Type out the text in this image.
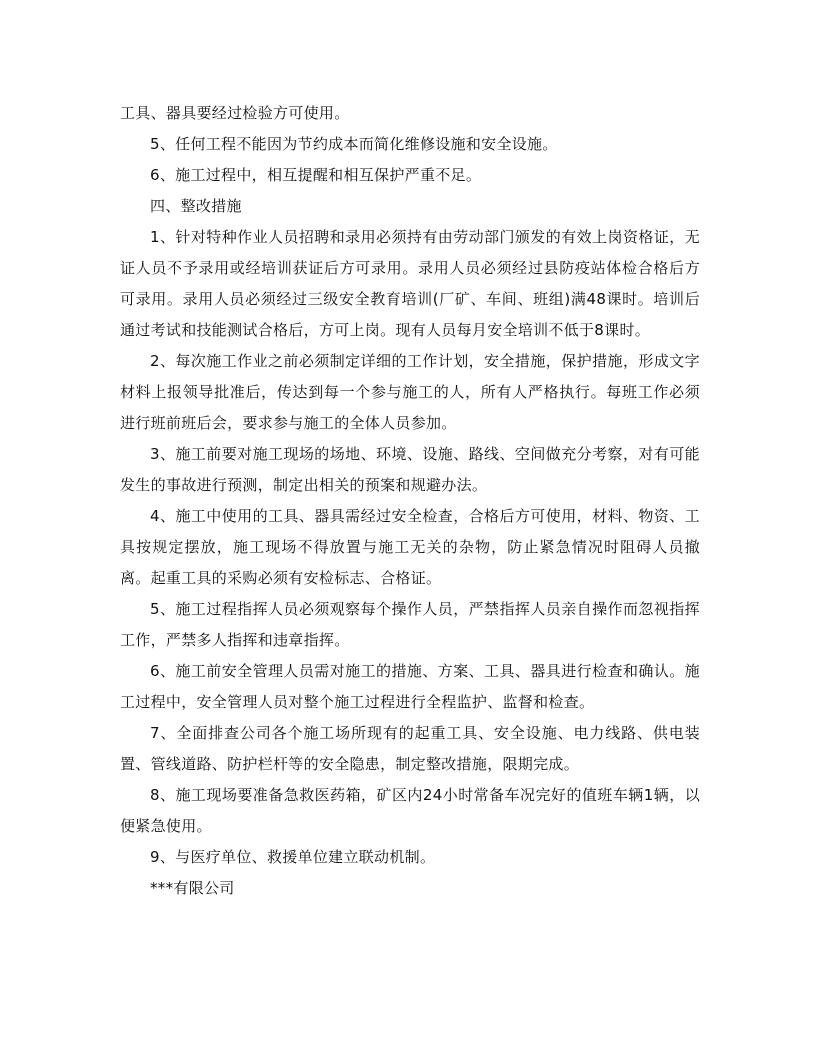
工具、器具要经过检验方可使用。

5、任何工程不能因为节约成本而简化维修设施和安全设施。

6、施工过程中，相互提醒和相互保护严重不足。

四、整改措施

1、针对特种作业人员招聘和录用必须持有由劳动部门颁发的有效上岗资格证，无证人员不予录用或经培训获证后方可录用。录用人员必须经过县防疫站体检合格后方可录用。录用人员必须经过三级安全教育培训(厂矿、车间、班组)满48课时。培训后通过考试和技能测试合格后，方可上岗。现有人员每月安全培训不低于8课时。

2、每次施工作业之前必须制定详细的工作计划，安全措施，保护措施，形成文字材料上报领导批准后，传达到每一个参与施工的人，所有人严格执行。每班工作必须进行班前班后会，要求参与施工的全体人员参加。

3、施工前要对施工现场的场地、环境、设施、路线、空间做充分考察，对有可能发生的事故进行预测，制定出相关的预案和规避办法。

4、施工中使用的工具、器具需经过安全检查，合格后方可使用，材料、物资、工具按规定摆放，施工现场不得放置与施工无关的杂物，防止紧急情况时阻碍人员撤离。起重工具的采购必须有安检标志、合格证。

5、施工过程指挥人员必须观察每个操作人员，严禁指挥人员亲自操作而忽视指挥工作，严禁多人指挥和违章指挥。

6、施工前安全管理人员需对施工的措施、方案、工具、器具进行检查和确认。施工过程中，安全管理人员对整个施工过程进行全程监护、监督和检查。

7、全面排查公司各个施工场所现有的起重工具、安全设施、电力线路、供电装置、管线道路、防护栏杆等的安全隐患，制定整改措施，限期完成。

8、施工现场要准备急救医药箱，矿区内24小时常备车况完好的值班车辆1辆，以便紧急使用。

9、与医疗单位、救援单位建立联动机制。

***有限公司
